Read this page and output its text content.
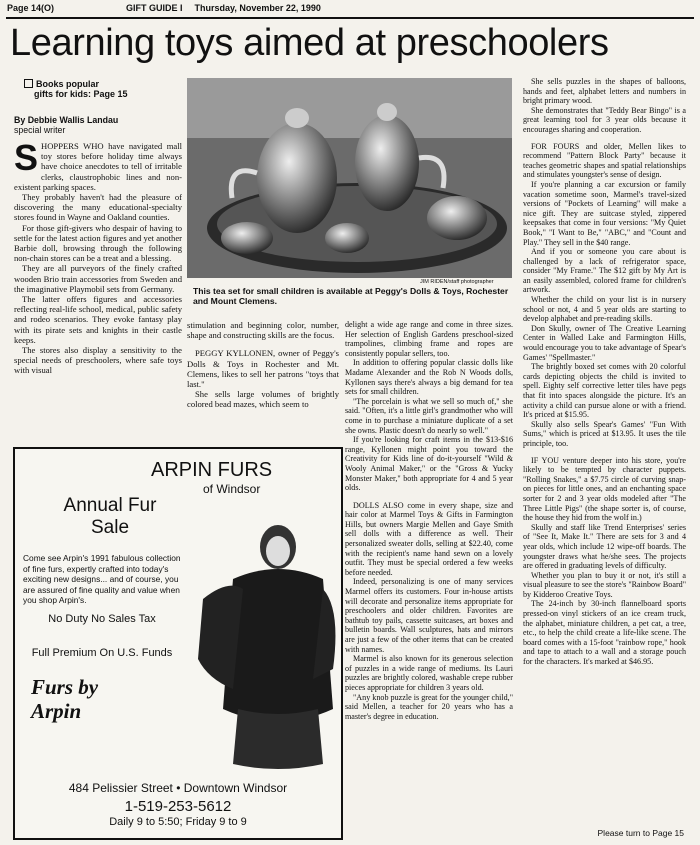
Page 14(O)	GIFT GUIDE I Thursday, November 22, 1990
Learning toys aimed at preschoolers
Books popular
gifts for kids: Page 15
By Debbie Wallis Landau
special writer

SHOPPERS WHO have navigated mall toy stores before holiday time always have choice anecdotes to tell of irritable clerks, claustrophobic lines and non-existent parking spaces.

They probably haven't had the pleasure of discovering the many educational-specialty stores found in Wayne and Oakland counties.

For those gift-givers who despair of having to settle for the latest action figures and yet another Barbie doll, browsing through the following non-chain stores can be a treat and a blessing.

They are all purveyors of the finely crafted wooden Brio train accessories from Sweden and the imaginative Playmobil sets from Germany.

The latter offers figures and accessories reflecting real-life school, medical, public safety and rodeo scenarios. They evoke fantasy play with its pirate sets and knights in their castle keeps.

The stores also display a sensitivity to the special needs of preschoolers, where safe toys with visual

JIM RIDEN/staff photographer
This tea set for small children is available at Peggy's Dolls & Toys, Rochester and Mount Clemens.

stimulation and beginning color, number, shape and constructing skills are the focus.

PEGGY KYLLONEN, owner of Peggy's Dolls & Toys in Rochester and Mt. Clemens, likes to sell her patrons "toys that last."

She sells large volumes of brightly colored bead mazes, which seem to

delight a wide age range and come in three sizes. Her selection of English Gardens preschool-sized trampolines, climbing frame and ropes are consistently popular sellers, too.

In addition to offering popular classic dolls like Madame Alexander and the Rob N Woods dolls, Kyllonen says there's always a big demand for tea sets for small children.

"The porcelain is what we sell so much of," she said. "Often, it's a little girl's grandmother who will come in to purchase a miniature duplicate of a set she owns. Plastic doesn't do nearly so well."

If you're looking for craft items in the $13-$16 range, Kyllonen might point you toward the Creativity for Kids line of do-it-yourself "Wild & Wooly Animal Maker," or the "Gross & Yucky Monster Maker," both appropriate for 4 and 5 year olds.

DOLLS ALSO come in every shape, size and hair color at Marmel Toys & Gifts in Farmington Hills, but owners Margie Mellen and Gaye Smith sell dolls with a difference as well. Their personalized sweater dolls, selling at $22.40, come with the recipient's name hand sewn on a lovely outfit. They must be special ordered a few weeks before needed.

Indeed, personalizing is one of many services Marmel offers its customers. Four in-house artists will decorate and personalize items appropriate for preschoolers and older children. Favorites are bathtub toy pails, cassette suitcases, art boxes and bulletin boards. Wall sculptures, hats and mirrors are just a few of the other items that can be created with names.

Marmel is also known for its generous selection of puzzles in a wide range of mediums. Its Lauri puzzles are brightly colored, washable crepe rubber pieces appropriate for children 3 years old.

"Any knob puzzle is great for the younger child," said Mellen, a teacher for 20 years who has a master's degree in education.

She sells puzzles in the shapes of balloons, hands and feet, alphabet letters and numbers in bright primary wood.

She demonstrates that "Teddy Bear Bingo" is a great learning tool for 3 year olds because it encourages sharing and cooperation.

FOR FOURS and older, Mellen likes to recommend "Pattern Block Party" because it teaches geometric shapes and spatial relationships and stimulates youngster's sense of design.

If you're planning a car excursion or family vacation sometime soon, Marmel's travel-sized versions of "Pockets of Learning" will make a nice gift. They are suitcase styled, zippered keepsakes that come in four versions: "My Quiet Book," "I Want to Be," "ABC," and "Count and Play." They sell in the $40 range.

And if you or someone you care about is challenged by a lack of refrigerator space, consider "My Frame." The $12 gift by My Art is an easily assembled, colored frame for children's artwork.

Whether the child on your list is in nursery school or not, 4 and 5 year olds are starting to develop alphabet and pre-reading skills.

Don Skully, owner of The Creative Learning Center in Walled Lake and Farmington Hills, would encourage you to take advantage of Spear's Games' "Spellmaster."

The brightly boxed set comes with 20 colorful cards depicting objects the child is invited to spell. Eighty self corrective letter tiles have pegs that fit into spaces alongside the picture. It's an activity a child can pursue alone or with a friend. It's priced at $15.95.

Skully also sells Spear's Games' "Fun With Sums," which is priced at $13.95. It uses the tile principle, too.

IF YOU venture deeper into his store, you're likely to be tempted by character puppets. "Rolling Snakes," a $7.75 circle of curving snap-on pieces for little ones, and an enchanting space sorter for 2 and 3 year olds modeled after "The Three Little Pigs" (the shape sorter is, of course, the house they hid from the wolf in.)

Skully and staff like Trend Enterprises' series of "See It, Make It." There are sets for 3 and 4 year olds, which include 12 wipe-off boards. The youngster draws what he/she sees. The projects are offered in graduating levels of difficulty.

Whether you plan to buy it or not, it's still a visual pleasure to see the store's "Rainbow Board" by Kidderoo Creative Toys.

The 24-inch by 30-inch flannelboard sports pressed-on vinyl stickers of an ice cream truck, the alphabet, miniature children, a pet cat, a tree, etc., to help the child create a life-like scene. The board comes with a 15-foot "rainbow rope," hook and tape to attach to a wall and a storage pouch for the characters. It's marked at $46.95.

ARPIN FURS
of Windsor
Annual Fur Sale
Come see Arpin's 1991 fabulous collection of fine furs, expertly crafted into today's exciting new designs... and of course, you are assured of fine quality and value when you shop Arpin's.
No Duty No Sales Tax
Full Premium On U.S. Funds
Furs by Arpin
484 Pelissier Street • Downtown Windsor
1-519-253-5612
Daily 9 to 5:50; Friday 9 to 9
Please turn to Page 15
